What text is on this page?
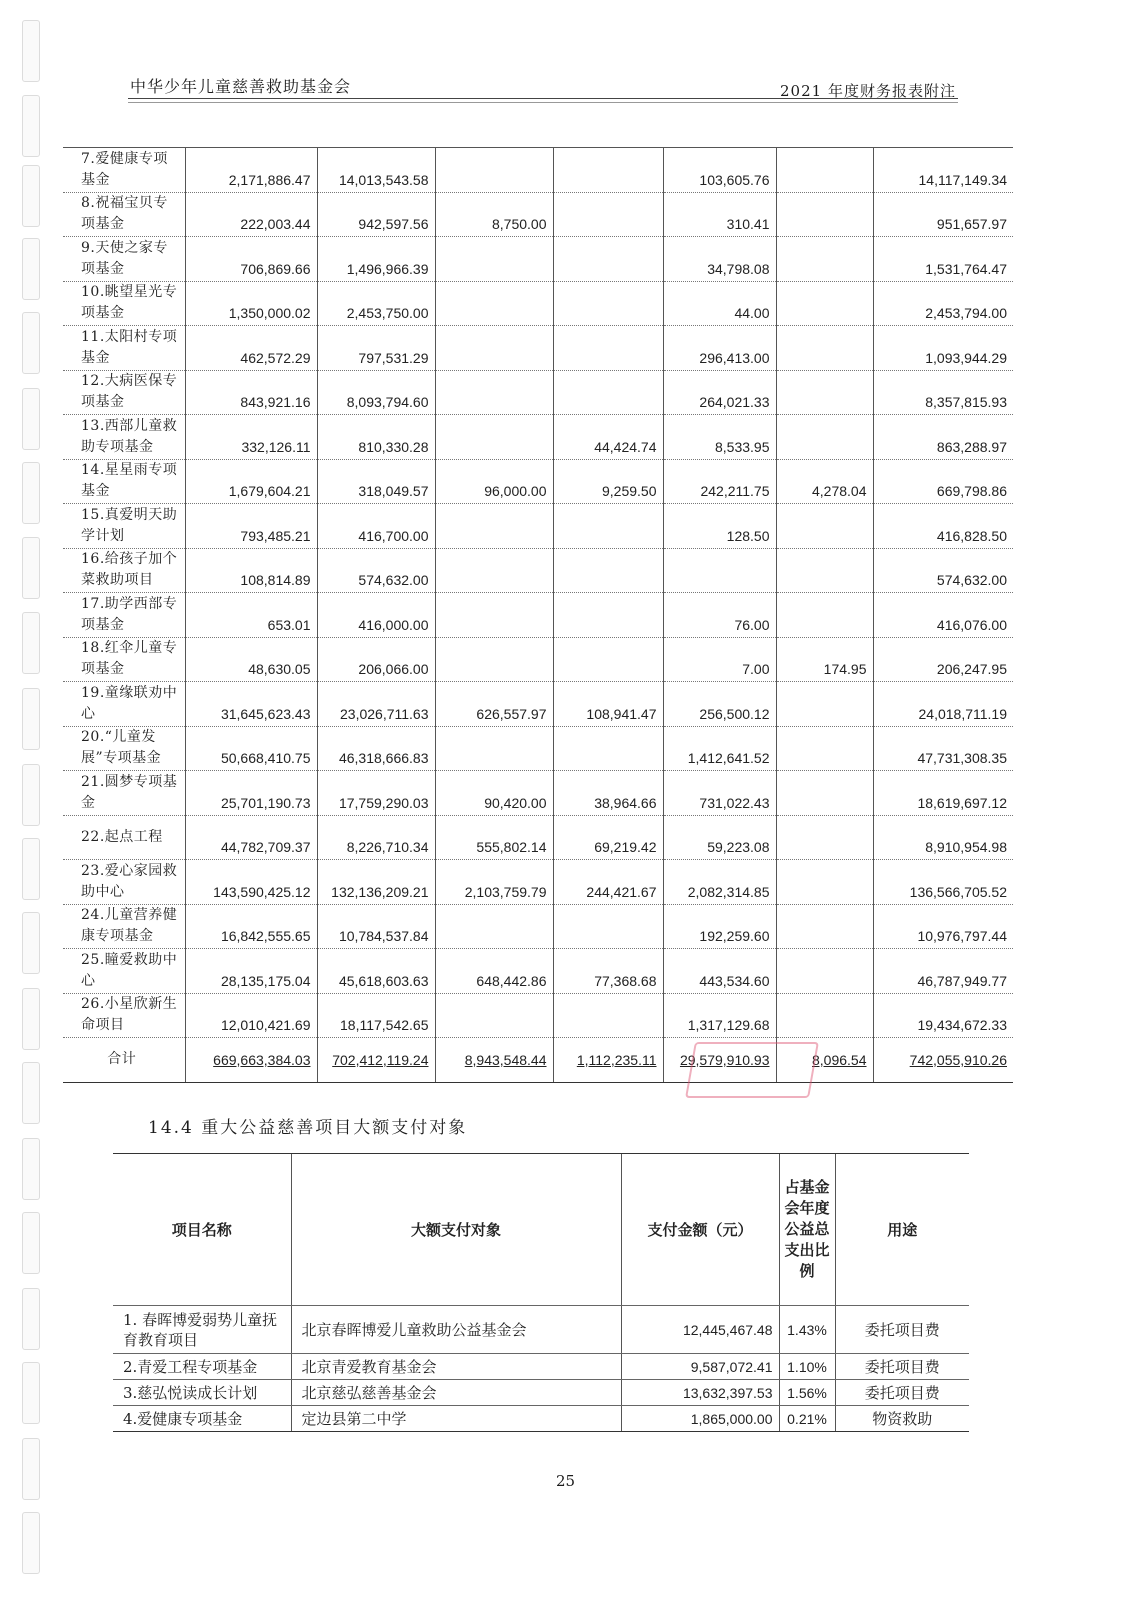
中华少年儿童慈善救助基金会	2021 年度财务报表附注
7.爱健康专项基金	2,171,886.47	14,013,543.58			103,605.76		14,117,149.34
8.祝福宝贝专项基金	222,003.44	942,597.56	8,750.00		310.41		951,657.97
9.天使之家专项基金	706,869.66	1,496,966.39			34,798.08		1,531,764.47
10.眺望星光专项基金	1,350,000.02	2,453,750.00			44.00		2,453,794.00
11.太阳村专项基金	462,572.29	797,531.29			296,413.00		1,093,944.29
12.大病医保专项基金	843,921.16	8,093,794.60			264,021.33		8,357,815.93
13.西部儿童救助专项基金	332,126.11	810,330.28		44,424.74	8,533.95		863,288.97
14.星星雨专项基金	1,679,604.21	318,049.57	96,000.00	9,259.50	242,211.75	4,278.04	669,798.86
15.真爱明天助学计划	793,485.21	416,700.00			128.50		416,828.50
16.给孩子加个菜救助项目	108,814.89	574,632.00					574,632.00
17.助学西部专项基金	653.01	416,000.00			76.00		416,076.00
18.红伞儿童专项基金	48,630.05	206,066.00			7.00	174.95	206,247.95
19.童缘联劝中心	31,645,623.43	23,026,711.63	626,557.97	108,941.47	256,500.12		24,018,711.19
20.“儿童发展”专项基金	50,668,410.75	46,318,666.83			1,412,641.52		47,731,308.35
21.圆梦专项基金	25,701,190.73	17,759,290.03	90,420.00	38,964.66	731,022.43		18,619,697.12
22.起点工程	44,782,709.37	8,226,710.34	555,802.14	69,219.42	59,223.08		8,910,954.98
23.爱心家园救助中心	143,590,425.12	132,136,209.21	2,103,759.79	244,421.67	2,082,314.85		136,566,705.52
24.儿童营养健康专项基金	16,842,555.65	10,784,537.84			192,259.60		10,976,797.44
25.瞳爱救助中心	28,135,175.04	45,618,603.63	648,442.86	77,368.68	443,534.60		46,787,949.77
26.小星欣新生命项目	12,010,421.69	18,117,542.65			1,317,129.68		19,434,672.33
合计	669,663,384.03	702,412,119.24	8,943,548.44	1,112,235.11	29,579,910.93	8,096.54	742,055,910.26
14.4 重大公益慈善项目大额支付对象
项目名称	大额支付对象	支付金额（元）	占基金会年度公益总支出比例	用途
1. 春晖博爱弱势儿童抚育教育项目	北京春晖博爱儿童救助公益基金会	12,445,467.48	1.43%	委托项目费
2.青爱工程专项基金	北京青爱教育基金会	9,587,072.41	1.10%	委托项目费
3.慈弘悦读成长计划	北京慈弘慈善基金会	13,632,397.53	1.56%	委托项目费
4.爱健康专项基金	定边县第二中学	1,865,000.00	0.21%	物资救助
25
